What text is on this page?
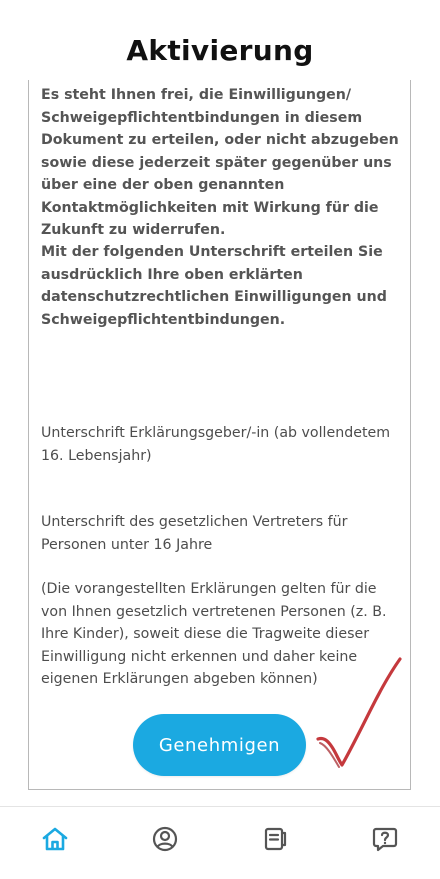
Aktivierung

Es steht Ihnen frei, die Einwilligungen/ Schweigepflichtentbindungen in diesem Dokument zu erteilen, oder nicht abzugeben sowie diese jederzeit später gegenüber uns über eine der oben genannten Kontaktmöglichkeiten mit Wirkung für die Zukunft zu widerrufen.

Mit der folgenden Unterschrift erteilen Sie ausdrücklich Ihre oben erklärten datenschutzrechtlichen Einwilligungen und Schweigepflichtentbindungen.

Unterschrift Erklärungsgeber/-in (ab vollendetem 16. Lebensjahr)

Unterschrift des gesetzlichen Vertreters für Personen unter 16 Jahre

(Die vorangestellten Erklärungen gelten für die von Ihnen gesetzlich vertretenen Personen (z. B. Ihre Kinder), soweit diese die Tragweite dieser Einwilligung nicht erkennen und daher keine eigenen Erklärungen abgeben können)

Genehmigen
